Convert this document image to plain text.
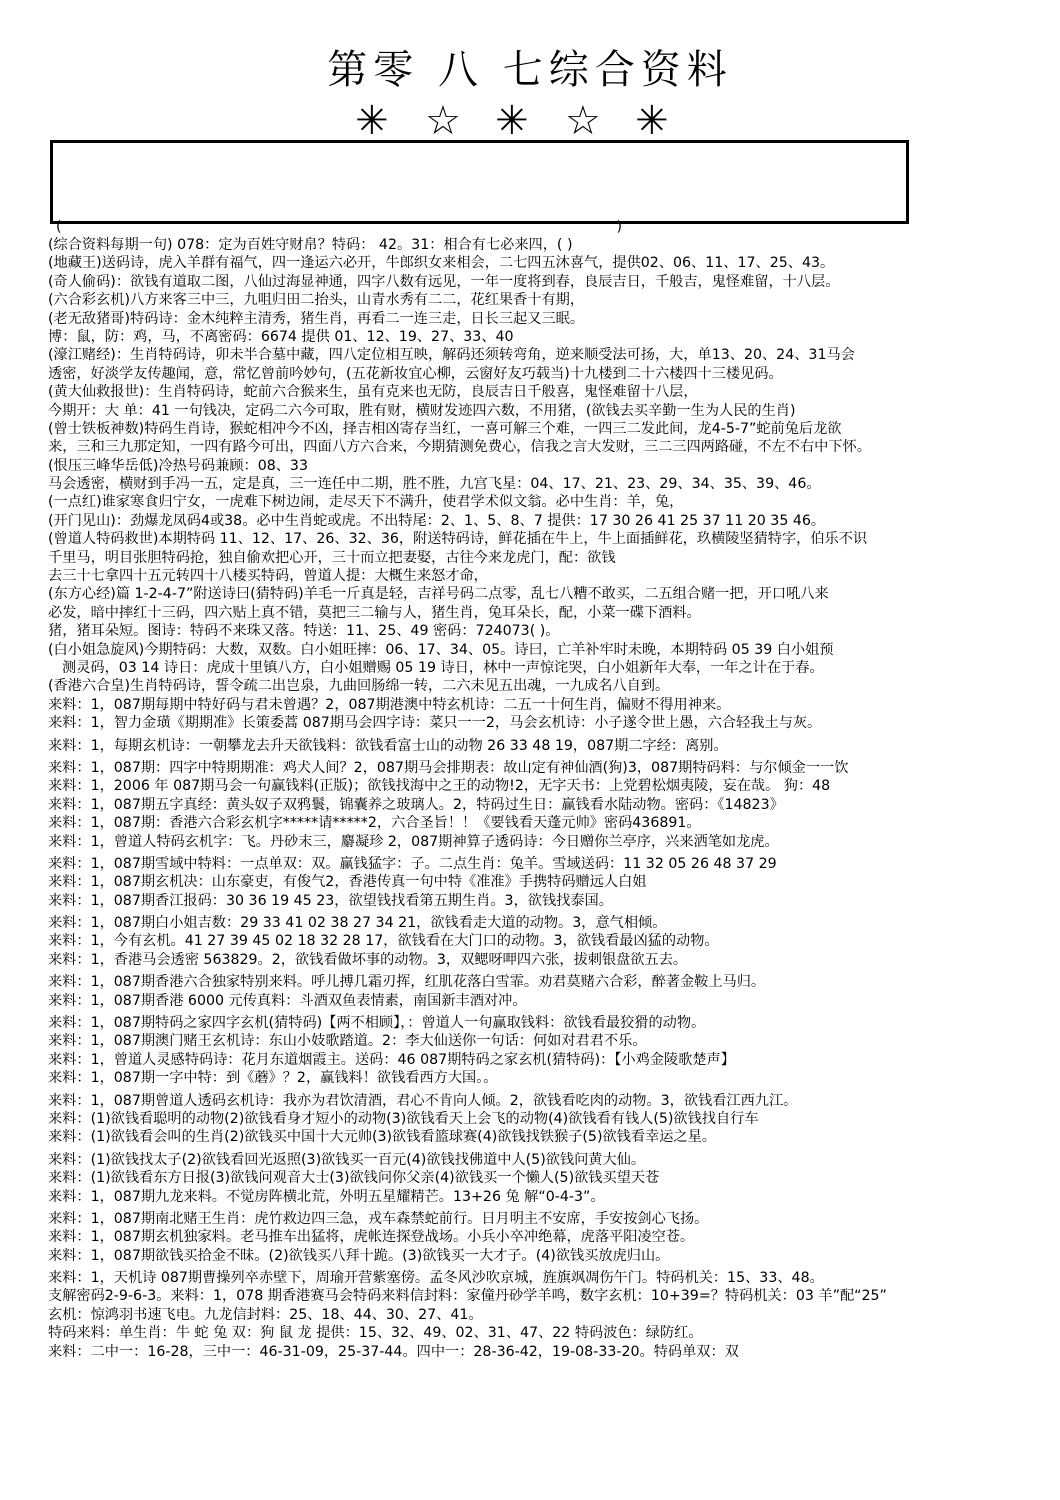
第零 八 七综合资料
✳☆✳☆✳
(	)
(综合资料每期一句) 078：定为百姓守财帛？特码： 42。31：相合有七必来四，( )
(地藏王)送码诗，虎入羊群有福气，四一逢运六必开，牛郎织女来相会，二七四五沐喜气，提供02、06、11、17、25、43。
(奇人偷码)：欲钱有道取二图，八仙过海显神通，四字八数有远见，一年一度将到春，良辰吉日，千般吉，鬼怪难留，十八层。
(六合彩玄机)八方来客三中三，九咀归田二抬头，山青水秀有二二，花红果香十有期，
(老无敌猪哥)特码诗：金木纯粹主清秀，猪生肖，再看二一连三走，日长三起又三眠。
博：鼠，防：鸡，马，不离密码：6674 提供 01、12、19、27、33、40
(濠江赌经)：生肖特码诗，卯未半合墓中藏，四八定位相互映，解码还须转弯角，逆来顺受法可扬，大，单13、20、24、31马会
透密，好淡学友传趣闻，意，常忆曾前吟妙句，(五花新妆宜心柳，云窗好友巧载当)十九楼到二十六楼四十三楼见码。
(黄大仙救报世)：生肖特码诗，蛇前六合猴来生，虽有克来也无防，良辰吉日千般喜，鬼怪难留十八层，
今期开：大 单：41 一句钱决，定码二六今可取，胜有财，横财发迹四六数，不用猪，(欲钱去买辛勤一生为人民的生肖)
(曾士铁板神数)特码生肖诗，猴蛇相冲今不凶，择吉相凶寄存当红，一喜可解三个难，一四三二发此间，龙4-5-7”蛇前兔后龙欲
来，三和三九那定知，一四有路今可出，四面八方六合来，今期猜测免费心，信我之言大发财，三二三四两路碰，不左不右中下怀。
(恨压三峰华岳低)冷热号码兼顾：08、33
马会透密，横财到手冯一五，定是真，三一连任中二期，胜不胜，九宫飞星：04、17、21、23、29、34、35、39、46。
(一点红)谁家寒食归宁女，一虎难下树边闹，走尽天下不满升，使君学术似文翁。必中生肖：羊，兔，
(开门见山)：劲爆龙凤码4或38。必中生肖蛇或虎。不出特尾：2、1、5、8、7 提供：17 30 26 41 25 37 11 20 35 46。
(曾道人特码救世)本期特码 11、12、17、26、32、36，附送特码诗，鲜花插在牛上，牛上面插鲜花，玖横陵坚猜特字，伯乐不识
千里马，明目张胆特码抢，独自偷欢把心开，三十而立把妻娶，古往今来龙虎门，配：欲钱
去三十七拿四十五元转四十八楼买特码，曾道人提：大概生来怒才命，
(东方心经)篇 1-2-4-7”附送诗曰(猜特码)羊毛一斤真是轻，吉祥号码二点零，乱七八糟不敢买，二五组合赌一把，开口吼八来
必发，暗中摔红十三码，四六贴上真不错，莫把三二输与人，猪生肖，兔耳朵长，配，小菜一碟下酒料。
猪，猪耳朵短。图诗：特码不来珠又落。特送：11、25、49 密码：724073( )。
(白小姐急旋风)今期特码：大数，双数。白小姐旺摔：06、17、34、05。诗曰，亡羊补牢时未晚，本期特码 05 39 白小姐预
测灵码，03 14 诗日：虎成十里镇八方，白小姐赠赐 05 19 诗日，林中一声惊诧哭，白小姐新年大奉，一年之计在于春。
(香港六合皇)生肖特码诗，誓令疏二出岂泉，九曲回肠绵一转，二六未见五出魂，一九成名八自到。
来料：1，087期每期中特好码与君未曾遇？2，087期港澳中特玄机诗：二五一十何生肖，偏财不得用神来。
来料：1，智力金璜《期期准》长策委蒿 087期马会四字诗：菜只一一2，马会玄机诗：小子遂令世上愚，六合轻我土与灰。
来料：1，每期玄机诗：一朝攀龙去升天欲钱料：欲钱看富士山的动物 26 33 48 19，087期二字经：离别。
来料：1，087期：四字中特期期准：鸡犬人间？2，087期马会排期表：故山定有神仙酒(狗)3，087期特码料：与尔倾金一一饮
来料：1，2006 年 087期马会一句赢钱料(正版)；欲钱找海中之王的动物!2，无字天书：上党碧松烟夷陵，妄在哉。 狗：48
来料：1，087期五字真经：黄头奴子双鸦鬟，锦囊养之玻璃人。2，特码过生日：赢钱看水陆动物。密码：《14823》
来料：1，087期：香港六合彩玄机字*****请*****2，六合圣旨！！《要钱看天蓬元帅》密码436891。
来料：1，曾道人特码玄机字：飞。丹砂末三，麝凝珍 2，087期神算子透码诗：今日赠你兰亭序，兴来洒笔如龙虎。
来料：1，087期雪域中特料：一点单双：双。赢钱猛字：子。二点生肖：兔羊。雪域送码：11 32 05 26 48 37 29
来料：1，087期玄机决：山东豪吏，有俊气2，香港传真一句中特《准准》手携特码赠远人白姐
来料：1，087期香江报码：30 36 19 45 23，欲望钱找看第五期生肖。3，欲钱找泰国。
来料：1，087期白小姐吉数：29 33 41 02 38 27 34 21，欲钱看走大道的动物。3，意气相倾。
来料：1，今有玄机。41 27 39 45 02 18 32 28 17，欲钱看在大门口的动物。3，欲钱看最凶猛的动物。
来料：1，香港马会透密 563829。2，欲钱看做坏事的动物。3，双鳃呀呷四六张，拔刺银盘欲五去。
来料：1，087期香港六合独家特别来料。呼儿搏几霜刃挥，红肌花落白雪霏。劝君莫赌六合彩，醉著金鞍上马归。
来料：1，087期香港 6000 元传真料：斗酒双鱼表情素，南国新丰酒对冲。
来料：1，087期特码之家四字玄机(猜特码)【两不相顾】，：曾道人一句赢取钱料：欲钱看最狡猾的动物。
来料：1，087期澳门赌王玄机诗：东山小妓歌踏道。2：李大仙送你一句话：何如对君君不乐。
来料：1，曾道人灵感特码诗：花月东道烟霞主。送码：46 087期特码之家玄机(猜特码)：【小鸡金陵歌楚声】
来料：1，087期一字中特：到《蘑》？2，赢钱料！欲钱看西方大国。。
来料：1，087期曾道人透码玄机诗：我亦为君饮清酒，君心不肯向人倾。2，欲钱看吃肉的动物。3，欲钱看江西九江。
来料：(1)欲钱看聪明的动物(2)欲钱看身才短小的动物(3)欲钱看天上会飞的动物(4)欲钱看有钱人(5)欲钱找自行车
来料：(1)欲钱看会叫的生肖(2)欲钱买中国十大元帅(3)欲钱看篮球赛(4)欲钱找铁猴子(5)欲钱看幸运之星。
来料：(1)欲钱找太子(2)欲钱看回光返照(3)欲钱买一百元(4)欲钱找佛道中人(5)欲钱问黄大仙。
来料：(1)欲钱看东方日报(3)欲钱问观音大士(3)欲钱问你父亲(4)欲钱买一个懒人(5)欲钱买望天苍
来料：1，087期九龙来料。不觉房阵横北荒，外明五星耀精芒。13+26 兔 解“0-4-3”。
来料：1，087期南北赌王生肖：虎竹救边四三急，戎车森禁蛇前行。日月明主不安席，手安按剑心飞扬。
来料：1，087期玄机独家料。老马推车出猛将，虎帐连探登战场。小兵小卒冲绝幕，虎落平阳凌空苍。
来料：1，087期欲钱买拾金不昧。(2)欲钱买八拜十跪。(3)欲钱买一大才子。(4)欲钱买放虎归山。
来料：1，天机诗 087期曹操列卒赤壁下，周瑜开营紫塞傍。孟冬风沙吹京城，旌旗飒凋伤午门。特码机关：15、33、48。
支解密码2-9-6-3。来料：1，078 期香港赛马会特码来料信封料：家僮丹砂学羊鸣，数字玄机：10+39=？特码机关：03 羊”配“25”
玄机：惊鸿羽书速飞电。九龙信封料：25、18、44、30、27、41。
特码来料：单生肖：牛 蛇 兔 双：狗 鼠 龙 提供：15、32、49、02、31、47、22 特码波色：绿防红。
来料：二中一：16-28，三中一：46-31-09，25-37-44。四中一：28-36-42，19-08-33-20。特码单双：双
